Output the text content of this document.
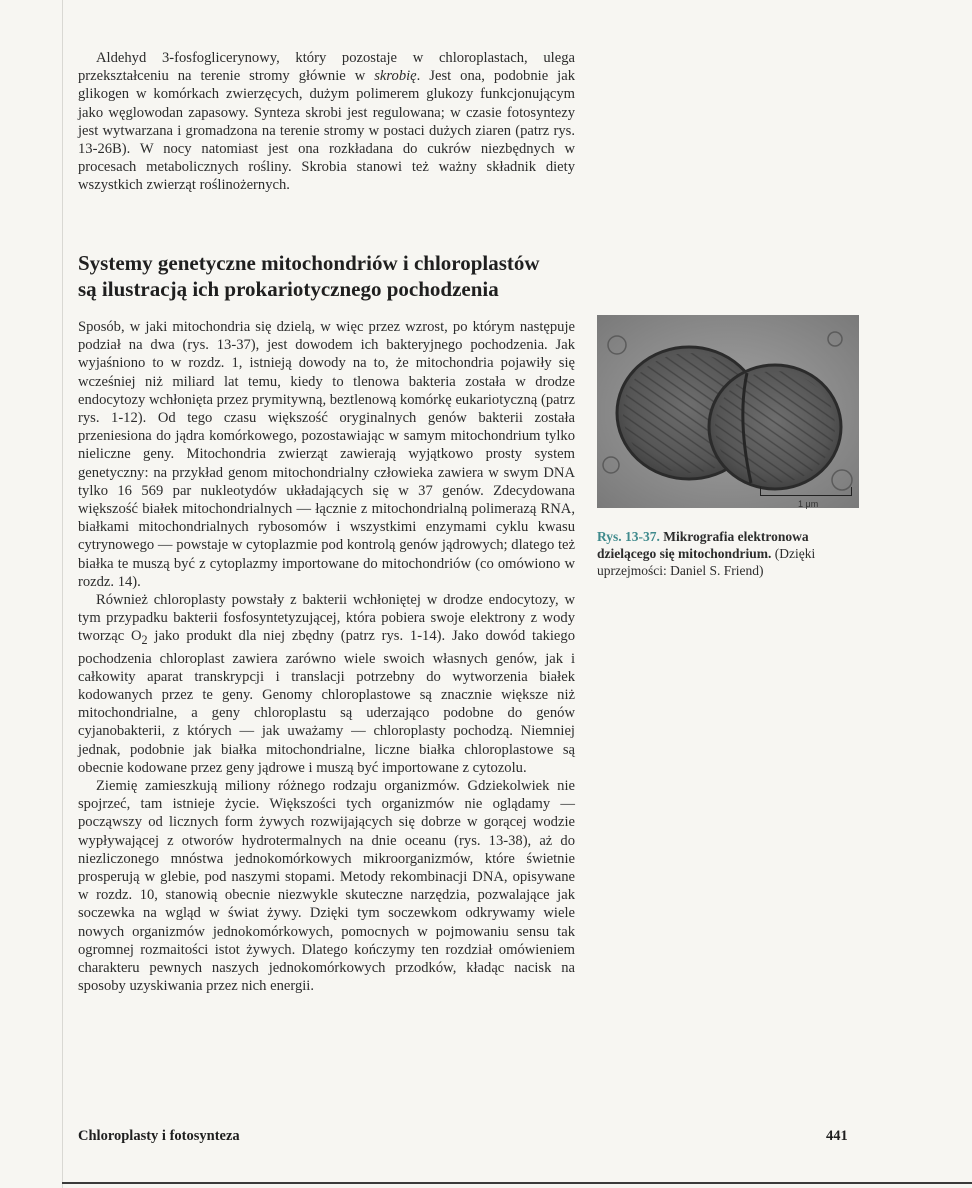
Aldehyd 3-fosfoglicerynowy, który pozostaje w chloroplastach, ulega przekształceniu na terenie stromy głównie w skrobię. Jest ona, podobnie jak glikogen w komórkach zwierzęcych, dużym polimerem glukozy funkcjonującym jako węglowodan zapasowy. Synteza skrobi jest regulowana; w czasie fotosyntezy jest wytwarzana i gromadzona na terenie stromy w postaci dużych ziaren (patrz rys. 13-26B). W nocy natomiast jest ona rozkładana do cukrów niezbędnych w procesach metabolicznych rośliny. Skrobia stanowi też ważny składnik diety wszystkich zwierząt roślinożernych.

Systemy genetyczne mitochondriów i chloroplastów
są ilustracją ich prokariotycznego pochodzenia

Sposób, w jaki mitochondria się dzielą, w więc przez wzrost, po którym następuje podział na dwa (rys. 13-37), jest dowodem ich bakteryjnego pochodzenia. Jak wyjaśniono to w rozdz. 1, istnieją dowody na to, że mitochondria pojawiły się wcześniej niż miliard lat temu, kiedy to tlenowa bakteria została w drodze endocytozy wchłonięta przez prymitywną, beztlenową komórkę eukariotyczną (patrz rys. 1-12). Od tego czasu większość oryginalnych genów bakterii została przeniesiona do jądra komórkowego, pozostawiając w samym mitochondrium tylko nieliczne geny. Mitochondria zwierząt zawierają wyjątkowo prosty system genetyczny: na przykład genom mitochondrialny człowieka zawiera w swym DNA tylko 16 569 par nukleotydów układających się w 37 genów. Zdecydowana większość białek mitochondrialnych — łącznie z mitochondrialną polimerazą RNA, białkami mitochondrialnych rybosomów i wszystkimi enzymami cyklu kwasu cytrynowego — powstaje w cytoplazmie pod kontrolą genów jądrowych; dlatego też białka te muszą być z cytoplazmy importowane do mitochondriów (co omówiono w rozdz. 14).

Również chloroplasty powstały z bakterii wchłoniętej w drodze endocytozy, w tym przypadku bakterii fosfosyntetyzującej, która pobiera swoje elektrony z wody tworząc $O_2$ jako produkt dla niej zbędny (patrz rys. 1-14). Jako dowód takiego pochodzenia chloroplast zawiera zarówno wiele swoich własnych genów, jak i całkowity aparat transkrypcji i translacji potrzebny do wytworzenia białek kodowanych przez te geny. Genomy chloroplastowe są znacznie większe niż mitochondrialne, a geny chloroplastu są uderzająco podobne do genów cyjanobakterii, z których — jak uważamy — chloroplasty pochodzą. Niemniej jednak, podobnie jak białka mitochondrialne, liczne białka chloroplastowe są obecnie kodowane przez geny jądrowe i muszą być importowane z cytozolu.

Ziemię zamieszkują miliony różnego rodzaju organizmów. Gdziekolwiek nie spojrzeć, tam istnieje życie. Większości tych organizmów nie oglądamy — począwszy od licznych form żywych rozwijających się dobrze w gorącej wodzie wypływającej z otworów hydrotermalnych na dnie oceanu (rys. 13-38), aż do niezliczonego mnóstwa jednokomórkowych mikroorganizmów, które świetnie prosperują w glebie, pod naszymi stopami. Metody rekombinacji DNA, opisywane w rozdz. 10, stanowią obecnie niezwykle skuteczne narzędzia, pozwalające jak soczewka na wgląd w świat żywy. Dzięki tym soczewkom odkrywamy wiele nowych organizmów jednokomórkowych, pomocnych w pojmowaniu sensu tak ogromnej rozmaitości istot żywych. Dlatego kończymy ten rozdział omówieniem charakteru pewnych naszych jednokomórkowych przodków, kładąc nacisk na sposoby uzyskiwania przez nich energii.

1 μm
Rys. 13-37. Mikrografia elektronowa dzielącego się mitochondrium. (Dzięki uprzejmości: Daniel S. Friend)
Chloroplasty i fotosynteza	441
